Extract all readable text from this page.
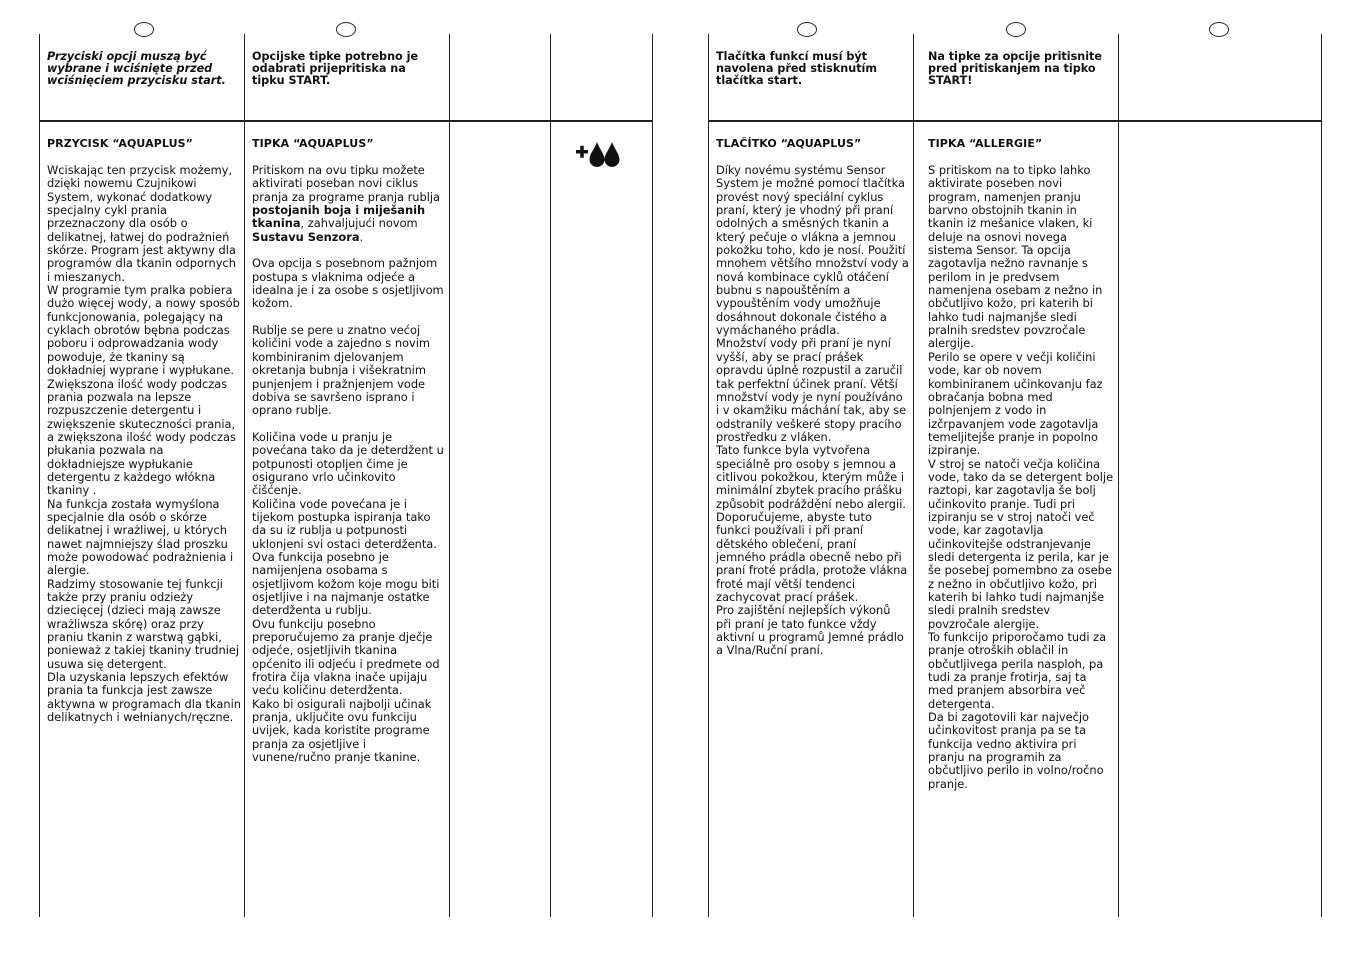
Przyciski opcji muszą być wybrane i wciśnięte przed wciśnięciem przycisku start.
PRZYCISK “AQUAPLUS”

Wciskając ten przycisk możemy, dzięki nowemu Czujnikowi System, wykonać dodatkowy specjalny cykl prania przeznaczony dla osób o delikatnej, łatwej do podrażnień skórze. Program jest aktywny dla programów dla tkanin odpornych i mieszanych.

W programie tym pralka pobiera dużo więcej wody, a nowy sposób funkcjonowania, polegający na cyklach obrotów bębna podczas poboru i odprowadzania wody powoduje, że tkaniny są dokładniej wyprane i wypłukane. Zwiększona ilość wody podczas prania pozwala na lepsze rozpuszczenie detergentu i zwiększenie skuteczności prania, a zwiększona ilość wody podczas płukania pozwala na dokładniejsze wypłukanie detergentu z każdego włókna tkaniny .

Na funkcja została wymyślona specjalnie dla osób o skórze delikatnej i wrażliwej, u których nawet najmniejszy ślad proszku może powodować podrażnienia i alergie.

Radzimy stosowanie tej funkcji także przy praniu odzieży dziecięcej (dzieci mają zawsze wrażliwsza skórę) oraz przy praniu tkanin z warstwą gąbki, ponieważ z takiej tkaniny trudniej usuwa się detergent.

Dla uzyskania lepszych efektów prania ta funkcja jest zawsze aktywna w programach dla tkanin delikatnych i wełnianych/ręczne.

Opcijske tipke potrebno je odabrati prijepritiska na tipku START.
TIPKA “AQUAPLUS”

Pritiskom na ovu tipku možete aktivirati poseban novi ciklus pranja za programe pranja rublja postojanih boja i miješanih tkanina, zahvaljujući novom Sustavu Senzora.

Ova opcija s posebnom pažnjom postupa s vlaknima odjeće a idealna je i za osobe s osjetljivom kožom.

Rublje se pere u znatno većoj količini vode a zajedno s novim kombiniranim djelovanjem okretanja bubnja i višekratnim punjenjem i pražnjenjem vode dobiva se savršeno isprano i oprano rublje.

Količina vode u pranju je povećana tako da je deterdžent u potpunosti otopljen čime je osigurano vrlo učinkovito čišćenje.

Količina vode povećana je i tijekom postupka ispiranja tako da su iz rublja u potpunosti uklonjeni svi ostaci deterdženta. Ova funkcija posebno je namijenjena osobama s osjetljivom kožom koje mogu biti osjetljive i na najmanje ostatke deterdženta u rublju.

Ovu funkciju posebno preporučujemo za pranje dječje odjeće, osjetljivih tkanina općenito ili odjeću i predmete od frotira čija vlakna inače upijaju veću količinu deterdženta.

Kako bi osigurali najbolji učinak pranja, uključite ovu funkciju uvijek, kada koristite programe pranja za osjetljive i vunene/ručno pranje tkanine.

Tlačítka funkcí musí být navolena před stisknutím tlačítka start.
TLAČÍTKO “AQUAPLUS”

Díky novému systému Sensor System je možné pomocí tlačítka provést nový speciální cyklus praní, který je vhodný při praní odolných a směsných tkanin a který pečuje o vlákna a jemnou pokožku toho, kdo je nosí. Použití mnohem většího množství vody a nová kombinace cyklů otáčení bubnu s napouštěním a vypouštěním vody umožňuje dosáhnout dokonale čistého a vymáchaného prádla.

Množství vody při praní je nyní vyšší, aby se prací prášek opravdu úplně rozpustil a zaručil tak perfektní účinek praní. Větší množství vody je nyní používáno i v okamžiku máchání tak, aby se odstranily veškeré stopy pracího prostředku z vláken.

Tato funkce byla vytvořena speciálně pro osoby s jemnou a citlivou pokožkou, kterým může i minimální zbytek pracího prášku způsobit podráždění nebo alergii.

Doporučujeme, abyste tuto funkci používali i při praní dětského oblečení, praní jemného prádla obecně nebo při praní froté prádla, protože vlákna froté mají větší tendenci zachycovat prací prášek.

Pro zajištění nejlepších výkonů při praní je tato funkce vždy aktivní u programů Jemné prádlo a Vlna/Ruční praní.

Na tipke za opcije pritisnite pred pritiskanjem na tipko START!
TIPKA “ALLERGIE”

S pritiskom na to tipko lahko aktivirate poseben novi program, namenjen pranju barvno obstojnih tkanin in tkanin iz mešanice vlaken, ki deluje na osnovi novega sistema Sensor. Ta opcija zagotavlja nežno ravnanje s perilom in je predvsem namenjena osebam z nežno in občutljivo kožo, pri katerih bi lahko tudi najmanjše sledi pralnih sredstev povzročale alergije.

Perilo se opere v večji količini vode, kar ob novem kombiniranem učinkovanju faz obračanja bobna med polnjenjem z vodo in izčrpavanjem vode zagotavlja temeljitejše pranje in popolno izpiranje.

V stroj se natoči večja količina vode, tako da se detergent bolje raztopi, kar zagotavlja še bolj učinkovito pranje. Tudi pri izpiranju se v stroj natoči več vode, kar zagotavlja učinkovitejše odstranjevanje sledi detergenta iz perila, kar je še posebej pomembno za osebe z nežno in občutljivo kožo, pri katerih bi lahko tudi najmanjše sledi pralnih sredstev povzročale alergije.

To funkcijo priporočamo tudi za pranje otroških oblačil in občutljivega perila nasploh, pa tudi za pranje frotirja, saj ta med pranjem absorbira več detergenta.

Da bi zagotovili kar največjo učinkovitost pranja pa se ta funkcija vedno aktivira pri pranju na programih za občutljivo perilo in volno/ročno pranje.
